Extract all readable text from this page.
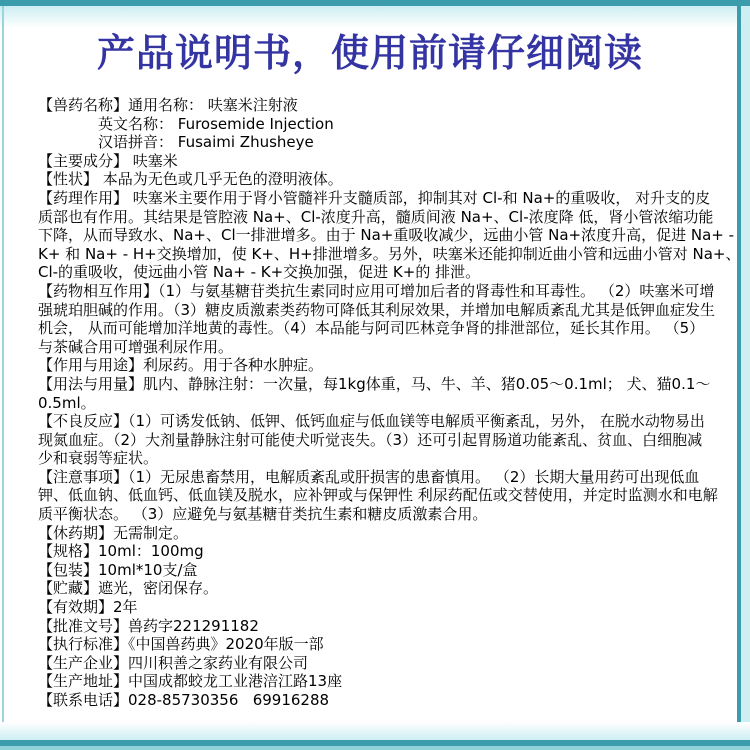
产品说明书，使用前请仔细阅读
【兽药名称】通用名称： 呋塞米注射液
　　　　英文名称： Furosemide Injection
　　　　汉语拼音： Fusaimi Zhusheye
【主要成分】 呋塞米
【性状】 本品为无色或几乎无色的澄明液体。
【药理作用】 呋塞米主要作用于肾小管髓袢升支髓质部，抑制其对 Cl-和 Na+的重吸收， 对升支的皮
质部也有作用。其结果是管腔液 Na+、Cl-浓度升高，髓质间液 Na+、Cl-浓度降 低，肾小管浓缩功能
下降，从而导致水、Na+、Cl一排泄增多。由于 Na+重吸收减少，远曲小管 Na+浓度升高，促进 Na+ -
K+ 和 Na+ - H+交换增加，使 K+、H+排泄增多。另外，呋塞米还能抑制近曲小管和远曲小管对 Na+、
Cl-的重吸收，使远曲小管 Na+ - K+交换加强，促进 K+的 排泄。
【药物相互作用】（1）与氨基糖苷类抗生素同时应用可增加后者的肾毒性和耳毒性。 （2）呋塞米可增
强琥珀胆碱的作用。（3）糖皮质激素类药物可降低其利尿效果，并增加电解质紊乱尤其是低钾血症发生
机会， 从而可能增加洋地黄的毒性。（4）本品能与阿司匹林竞争肾的排泄部位，延长其作用。 （5）
与茶碱合用可增强利尿作用。
【作用与用途】利尿药。用于各种水肿症。
【用法与用量】肌内、静脉注射：一次量，每1kg体重，马、牛、羊、猪0.05～0.1ml； 犬、猫0.1～
0.5ml。
【不良反应】（1）可诱发低钠、低钾、低钙血症与低血镁等电解质平衡紊乱，另外， 在脱水动物易出
现氮血症。（2）大剂量静脉注射可能使犬听觉丧失。（3）还可引起胃肠道功能紊乱、贫血、白细胞减
少和衰弱等症状。
【注意事项】（1）无尿患畜禁用，电解质紊乱或肝损害的患畜慎用。 （2）长期大量用药可出现低血
钾、低血钠、低血钙、低血镁及脱水，应补钾或与保钾性 利尿药配伍或交替使用，并定时监测水和电解
质平衡状态。 （3）应避免与氨基糖苷类抗生素和糖皮质激素合用。
【休药期】无需制定。
【规格】10ml：100mg
【包装】10ml*10支/盒
【贮藏】遮光，密闭保存。
【有效期】2年
【批准文号】兽药字221291182
【执行标准】《中国兽药典》2020年版一部
【生产企业】四川积善之家药业有限公司
【生产地址】中国成都蛟龙工业港涪江路13座
【联系电话】028-85730356   69916288
